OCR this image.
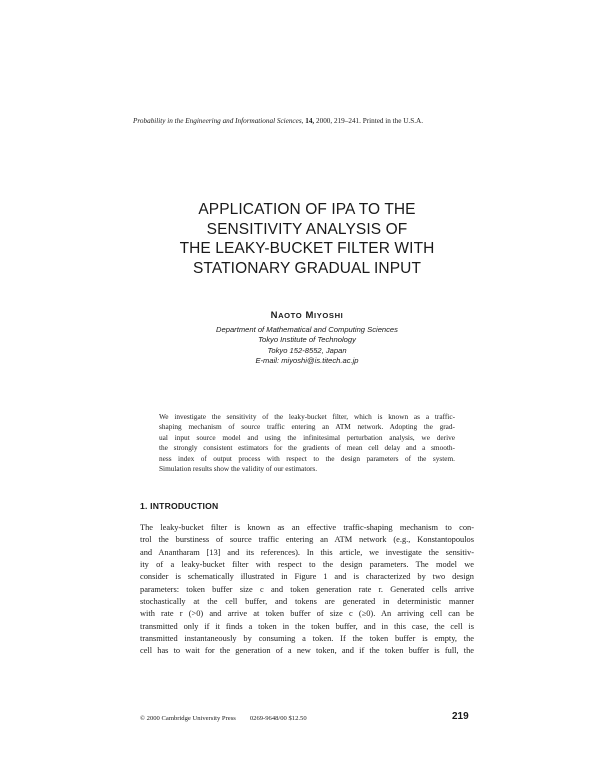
Probability in the Engineering and Informational Sciences, 14, 2000, 219–241. Printed in the U.S.A.
APPLICATION OF IPA TO THE
SENSITIVITY ANALYSIS OF
THE LEAKY-BUCKET FILTER WITH
STATIONARY GRADUAL INPUT
NAOTO MIYOSHI
Department of Mathematical and Computing Sciences
Tokyo Institute of Technology
Tokyo 152-8552, Japan
E-mail: miyoshi@is.titech.ac.jp
We investigate the sensitivity of the leaky-bucket filter, which is known as a traffic-
shaping mechanism of source traffic entering an ATM network. Adopting the grad-
ual input source model and using the infinitesimal perturbation analysis, we derive
the strongly consistent estimators for the gradients of mean cell delay and a smooth-
ness index of output process with respect to the design parameters of the system.
Simulation results show the validity of our estimators.
1. INTRODUCTION
The leaky-bucket filter is known as an effective traffic-shaping mechanism to con-
trol the burstiness of source traffic entering an ATM network (e.g., Konstantopoulos
and Anantharam [13] and its references). In this article, we investigate the sensitiv-
ity of a leaky-bucket filter with respect to the design parameters. The model we
consider is schematically illustrated in Figure 1 and is characterized by two design
parameters: token buffer size c and token generation rate r. Generated cells arrive
stochastically at the cell buffer, and tokens are generated in deterministic manner
with rate r (>0) and arrive at token buffer of size c (≥0). An arriving cell can be
transmitted only if it finds a token in the token buffer, and in this case, the cell is
transmitted instantaneously by consuming a token. If the token buffer is empty, the
cell has to wait for the generation of a new token, and if the token buffer is full, the
© 2000 Cambridge University Press 0269-9648/00 $12.50	219
